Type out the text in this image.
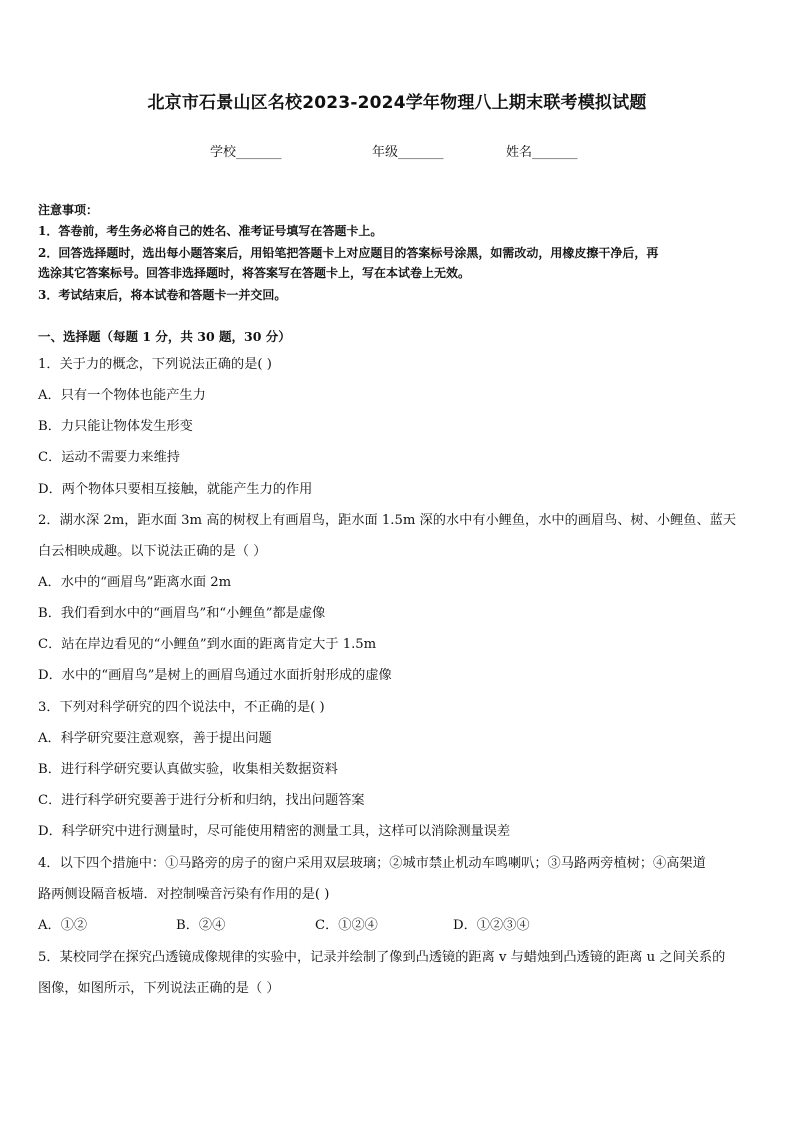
北京市石景山区名校2023-2024学年物理八上期末联考模拟试题
学校_______	年级_______	姓名_______
注意事项：
1．答卷前，考生务必将自己的姓名、准考证号填写在答题卡上。
2．回答选择题时，选出每小题答案后，用铅笔把答题卡上对应题目的答案标号涂黑，如需改动，用橡皮擦干净后，再
选涂其它答案标号。回答非选择题时，将答案写在答题卡上，写在本试卷上无效。
3．考试结束后，将本试卷和答题卡一并交回。
一、选择题（每题 1 分，共 30 题，30 分）
1．关于力的概念，下列说法正确的是( )
A．只有一个物体也能产生力
B．力只能让物体发生形变
C．运动不需要力来维持
D．两个物体只要相互接触，就能产生力的作用
2．湖水深 2m，距水面 3m 高的树杈上有画眉鸟，距水面 1.5m 深的水中有小鲤鱼，水中的画眉鸟、树、小鲤鱼、蓝天
白云相映成趣。以下说法正确的是（ ）
A．水中的“画眉鸟”距离水面 2m
B．我们看到水中的“画眉鸟”和“小鲤鱼”都是虚像
C．站在岸边看见的“小鲤鱼”到水面的距离肯定大于 1.5m
D．水中的“画眉鸟”是树上的画眉鸟通过水面折射形成的虚像
3．下列对科学研究的四个说法中，不正确的是( )
A．科学研究要注意观察，善于提出问题
B．进行科学研究要认真做实验，收集相关数据资料
C．进行科学研究要善于进行分析和归纳，找出问题答案
D．科学研究中进行测量时，尽可能使用精密的测量工具，这样可以消除测量误差
4．以下四个措施中：①马路旁的房子的窗户采用双层玻璃；②城市禁止机动车鸣喇叭；③马路两旁植树；④高架道
路两侧设隔音板墙．对控制噪音污染有作用的是( )
A．①②	B．②④	C．①②④	D．①②③④
5．某校同学在探究凸透镜成像规律的实验中，记录并绘制了像到凸透镜的距离 v 与蜡烛到凸透镜的距离 u 之间关系的
图像，如图所示，下列说法正确的是（ ）
